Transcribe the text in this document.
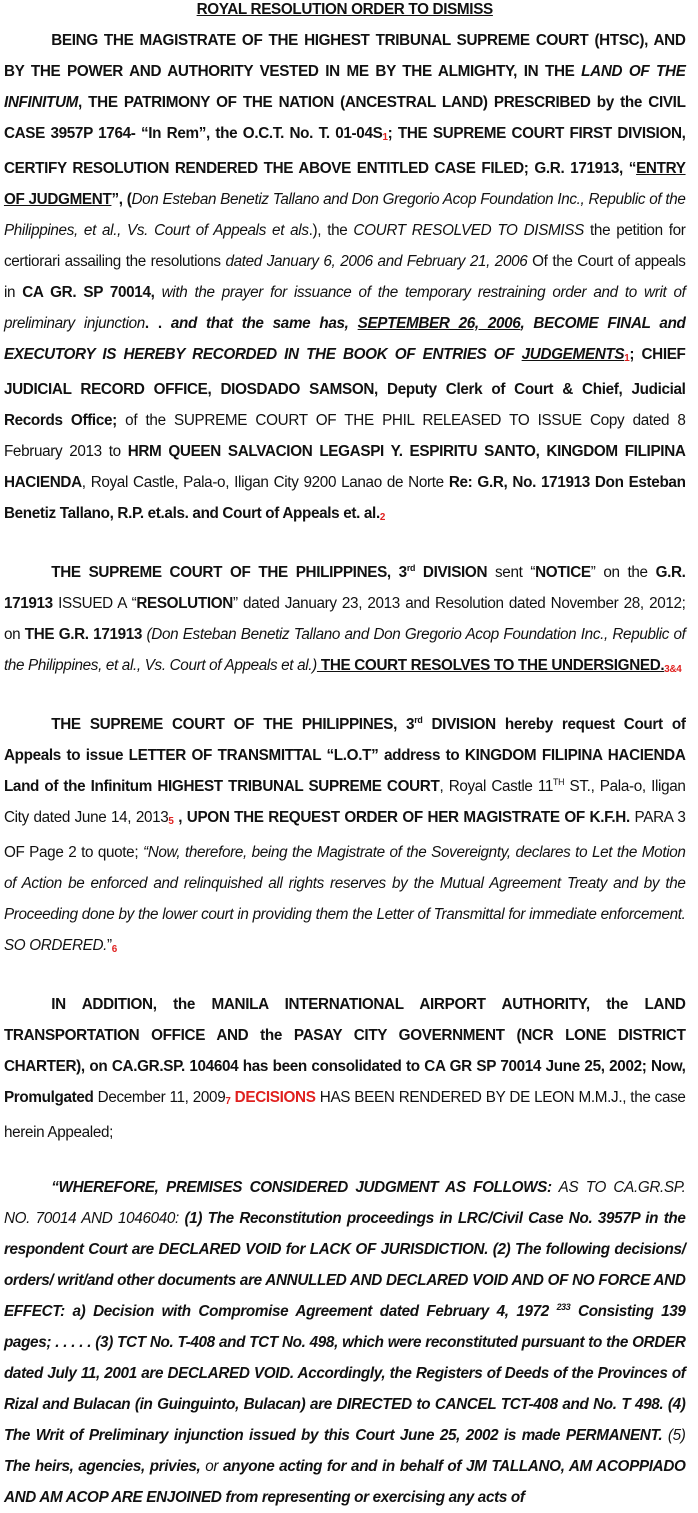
ROYAL RESOLUTION ORDER TO DISMISS

BEING THE MAGISTRATE OF THE HIGHEST TRIBUNAL SUPREME COURT (HTSC), AND BY THE POWER AND AUTHORITY VESTED IN ME BY THE ALMIGHTY, IN THE LAND OF THE INFINITUM, THE PATRIMONY OF THE NATION (ANCESTRAL LAND) PRESCRIBED by the CIVIL CASE 3957P 1764- “In Rem”, the O.C.T. No. T. 01-04S1; THE SUPREME COURT FIRST DIVISION, CERTIFY RESOLUTION RENDERED THE ABOVE ENTITLED CASE FILED; G.R. 171913, “ENTRY OF JUDGMENT”, (Don Esteban Benetiz Tallano and Don Gregorio Acop Foundation Inc., Republic of the Philippines, et al., Vs. Court of Appeals et als.), the COURT RESOLVED TO DISMISS the petition for certiorari assailing the resolutions dated January 6, 2006 and February 21, 2006 Of the Court of appeals in CA GR. SP 70014, with the prayer for issuance of the temporary restraining order and to writ of preliminary injunction. . and that the same has, SEPTEMBER 26, 2006, BECOME FINAL and EXECUTORY IS HEREBY RECORDED IN THE BOOK OF ENTRIES OF JUDGEMENTS1; CHIEF JUDICIAL RECORD OFFICE, DIOSDADO SAMSON, Deputy Clerk of Court & Chief, Judicial Records Office; of the SUPREME COURT OF THE PHIL RELEASED TO ISSUE Copy dated 8 February 2013 to HRM QUEEN SALVACION LEGASPI Y. ESPIRITU SANTO, KINGDOM FILIPINA HACIENDA, Royal Castle, Pala-o, Iligan City 9200 Lanao de Norte Re: G.R, No. 171913 Don Esteban Benetiz Tallano, R.P. et.als. and Court of Appeals et. al.2

THE SUPREME COURT OF THE PHILIPPINES, 3rd DIVISION sent “NOTICE” on the G.R. 171913 ISSUED A “RESOLUTION” dated January 23, 2013 and Resolution dated November 28, 2012; on THE G.R. 171913 (Don Esteban Benetiz Tallano and Don Gregorio Acop Foundation Inc., Republic of the Philippines, et al., Vs. Court of Appeals et al.) THE COURT RESOLVES TO THE UNDERSIGNED.3&4

THE SUPREME COURT OF THE PHILIPPINES, 3rd DIVISION hereby request Court of Appeals to issue LETTER OF TRANSMITTAL “L.O.T” address to KINGDOM FILIPINA HACIENDA Land of the Infinitum HIGHEST TRIBUNAL SUPREME COURT, Royal Castle 11TH ST., Pala-o, Iligan City dated June 14, 20135 , UPON THE REQUEST ORDER OF HER MAGISTRATE OF K.F.H. PARA 3 OF Page 2 to quote; “Now, therefore, being the Magistrate of the Sovereignty, declares to Let the Motion of Action be enforced and relinquished all rights reserves by the Mutual Agreement Treaty and by the Proceeding done by the lower court in providing them the Letter of Transmittal for immediate enforcement. SO ORDERED.”6

IN ADDITION, the MANILA INTERNATIONAL AIRPORT AUTHORITY, the LAND TRANSPORTATION OFFICE AND the PASAY CITY GOVERNMENT (NCR LONE DISTRICT CHARTER), on CA.GR.SP. 104604 has been consolidated to CA GR SP 70014 June 25, 2002; Now, Promulgated December 11, 20097 DECISIONS HAS BEEN RENDERED BY DE LEON M.M.J., the case herein Appealed;

“WHEREFORE, PREMISES CONSIDERED JUDGMENT AS FOLLOWS: AS TO CA.GR.SP. NO. 70014 AND 1046040: (1) The Reconstitution proceedings in LRC/Civil Case No. 3957P in the respondent Court are DECLARED VOID for LACK OF JURISDICTION. (2) The following decisions/ orders/ writ/and other documents are ANNULLED AND DECLARED VOID AND OF NO FORCE AND EFFECT: a) Decision with Compromise Agreement dated February 4, 1972 $^{233}$ Consisting 139 pages; . . . . . (3) TCT No. T-408 and TCT No. 498, which were reconstituted pursuant to the ORDER dated July 11, 2001 are DECLARED VOID. Accordingly, the Registers of Deeds of the Provinces of Rizal and Bulacan (in Guinguinto, Bulacan) are DIRECTED to CANCEL TCT-408 and No. T 498. (4) The Writ of Preliminary injunction issued by this Court June 25, 2002 is made PERMANENT. (5) The heirs, agencies, privies, or anyone acting for and in behalf of JM TALLANO, AM ACOPPIADO AND AM ACOP ARE ENJOINED from representing or exercising any acts of
